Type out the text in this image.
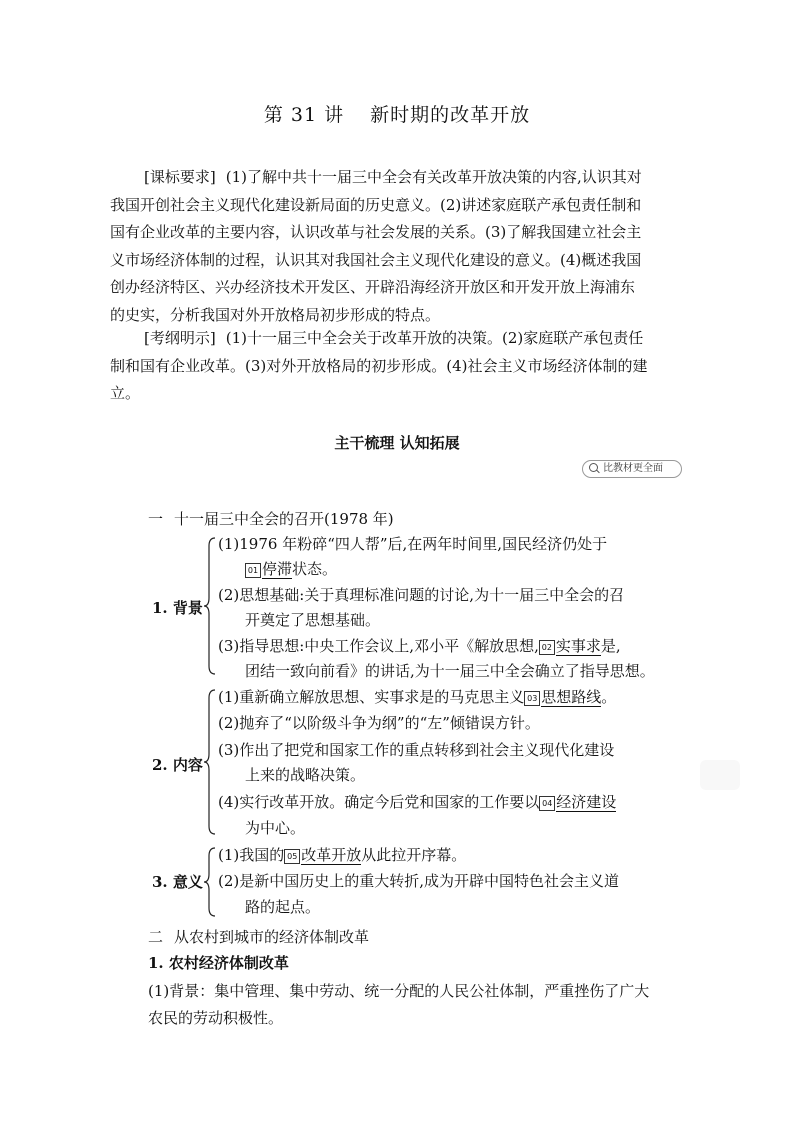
第 31 讲 新时期的改革开放
[课标要求] (1)了解中共十一届三中全会有关改革开放决策的内容,认识其对
我国开创社会主义现代化建设新局面的历史意义。(2)讲述家庭联产承包责任制和
国有企业改革的主要内容，认识改革与社会发展的关系。(3)了解我国建立社会主
义市场经济体制的过程，认识其对我国社会主义现代化建设的意义。(4)概述我国
创办经济特区、兴办经济技术开发区、开辟沿海经济开放区和开发开放上海浦东
的史实，分析我国对外开放格局初步形成的特点。
[考纲明示] (1)十一届三中全会关于改革开放的决策。(2)家庭联产承包责任
制和国有企业改革。(3)对外开放格局的初步形成。(4)社会主义市场经济体制的建
立。
主干梳理 认知拓展
比教材更全面
一 十一届三中全会的召开(1978 年)
1. 背景
(1)1976 年粉碎“四人帮”后,在两年时间里,国民经济仍处于
01 停滞状态。
(2)思想基础:关于真理标准问题的讨论,为十一届三中全会的召
开奠定了思想基础。
(3)指导思想:中央工作会议上,邓小平《解放思想, 02 实事求是,
团结一致向前看》的讲话,为十一届三中全会确立了指导思想。
2. 内容
(1)重新确立解放思想、实事求是的马克思主义 03 思想路线。
(2)抛弃了“以阶级斗争为纲”的“左”倾错误方针。
(3)作出了把党和国家工作的重点转移到社会主义现代化建设
上来的战略决策。
(4)实行改革开放。确定今后党和国家的工作要以 04 经济建设
为中心。
3. 意义
(1)我国的 05 改革开放从此拉开序幕。
(2)是新中国历史上的重大转折,成为开辟中国特色社会主义道
路的起点。
二 从农村到城市的经济体制改革
1. 农村经济体制改革
(1)背景：集中管理、集中劳动、统一分配的人民公社体制，严重挫伤了广大
农民的劳动积极性。
